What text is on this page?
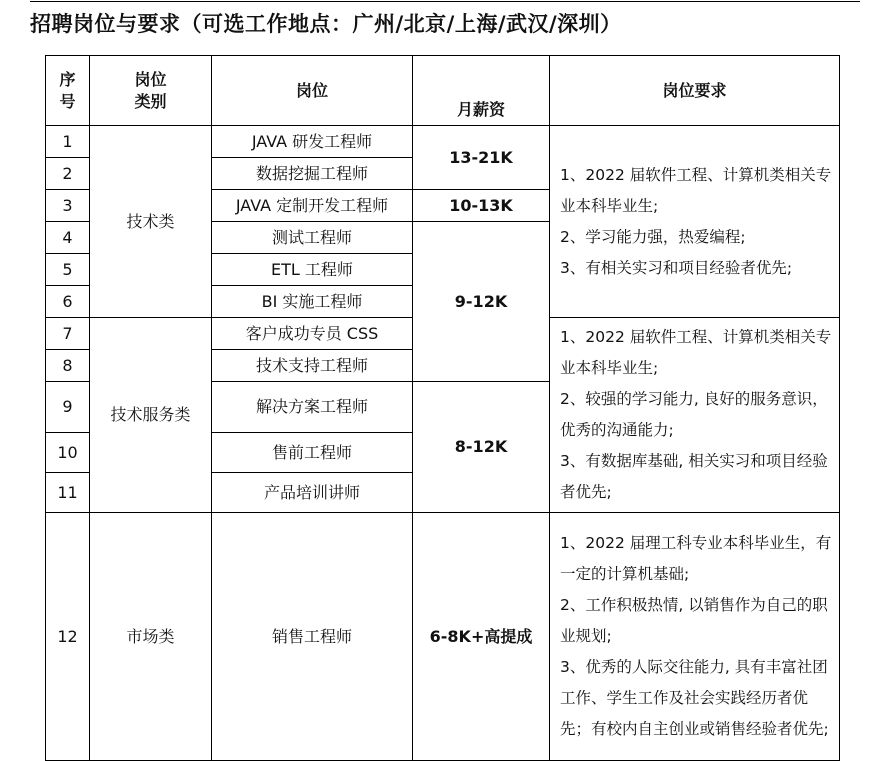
招聘岗位与要求（可选工作地点：广州/北京/上海/武汉/深圳）
序号	岗位类别	岗位	月薪资	岗位要求
1	技术类	JAVA 研发工程师	13-21K	1、2022 届软件工程、计算机类相关专业本科毕业生;
2、学习能力强，热爱编程;
3、有相关实习和项目经验者优先;

2		数据挖掘工程师		
3		JAVA 定制开发工程师	10-13K	
4		测试工程师	9-12K	
5		ETL 工程师		
6		BI 实施工程师		
7	技术服务类	客户成功专员 CSS		1、2022 届软件工程、计算机类相关专业本科毕业生;
2、较强的学习能力, 良好的服务意识，优秀的沟通能力;
3、有数据库基础, 相关实习和项目经验者优先;

8		技术支持工程师		
9		解决方案工程师	8-12K	
10		售前工程师		
11		产品培训讲师		
12	市场类	销售工程师	6-8K+高提成	1、2022 届理工科专业本科毕业生，有一定的计算机基础;
2、工作积极热情, 以销售作为自己的职业规划;
3、优秀的人际交往能力, 具有丰富社团工作、学生工作及社会实践经历者优先；有校内自主创业或销售经验者优先;
